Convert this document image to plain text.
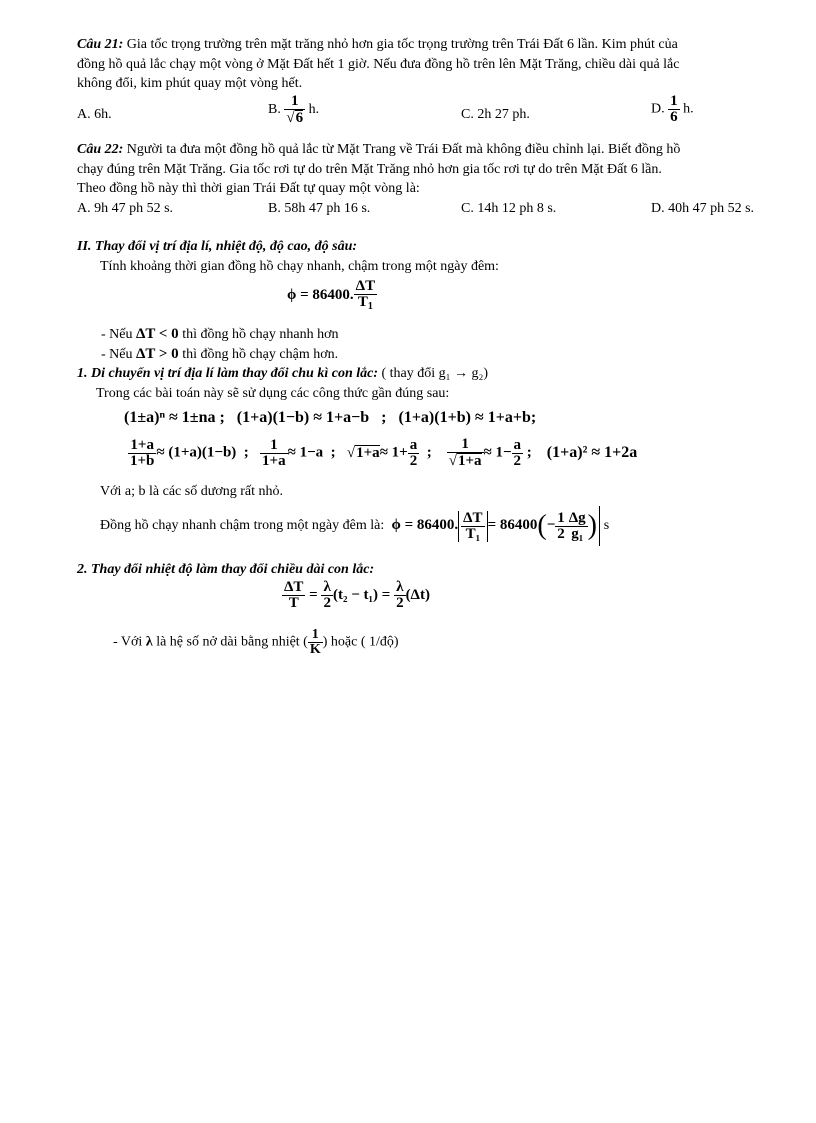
Câu 21: Gia tốc trọng trường trên mặt trăng nhỏ hơn gia tốc trọng trường trên Trái Đất 6 lần. Kim phút của
đồng hồ quả lắc chạy một vòng ở Mặt Đất hết 1 giờ. Nếu đưa đồng hồ trên lên Mặt Trăng, chiều dài quả lắc
không đổi, kim phút quay một vòng hết.
A. 6h.	B. $\frac{1}{√6} h$.	C. 2h 27 ph.	D. $\frac{1}{6} h$.
Câu 22: Người ta đưa một đồng hồ quả lắc từ Mặt Trang về Trái Đất mà không điều chỉnh lại. Biết đồng hồ
chạy đúng trên Mặt Trăng. Gia tốc rơi tự do trên Mặt Trăng nhỏ hơn gia tốc rơi tự do trên Mặt Đất 6 lần.
Theo đồng hồ này thì thời gian Trái Đất tự quay một vòng là:
A. 9h 47 ph 52 s.	B. 58h 47 ph 16 s.	C. 14h 12 ph 8 s.	D. 40h 47 ph 52 s.
II. Thay đổi vị trí địa lí, nhiệt độ, độ cao, độ sâu:
Tính khoảng thời gian đồng hồ chạy nhanh, chậm trong một ngày đêm:
ϕ = 86400. $\frac{\Delta T}{T_1}$
- Nếu ΔT < 0 thì đồng hồ chạy nhanh hơn
- Nếu ΔT > 0 thì đồng hồ chạy chậm hơn.
1. Di chuyển vị trí địa lí làm thay đổi chu kì con lắc: ( thay đổi g₁ → g₂)
Trong các bài toán này sẽ sử dụng các công thức gần đúng sau:
(1±a)ⁿ ≈ 1±na ;   (1+a)(1−b) ≈ 1+a−b   ;   (1+a)(1+b) ≈ 1+a+b;
$\frac{1+a}{1+b} \approx (1+a)(1-b)$  ; $\frac{1}{1+a} \approx 1-a$  ;   $√1+a\approx 1+ \frac{a}{2}$ ; $\frac{1}{√1+a} \approx 1- \frac{a}{2}$ ;    (1+a)² ≈ 1+2a
Với a; b là các số dương rất nhỏ.
Đồng hồ chạy nhanh chậm trong một ngày đêm là: ϕ = 86400. $\frac{\Delta T}{\text{T₁}} = 86400(- \frac{1}{2} \frac{\Delta g}{\text{g₁}}$ ) s
2. Thay đổi nhiệt độ làm thay đổi chiều dài con lắc:
$\frac{\Delta T}{T} = \frac{\lambda}{2} (t_2 - t_1) = \frac{\lambda}{2} (\Delta t)$
- Với λ là hệ số nở dài bằng nhiệt ( $\frac{1}{K}$ ) hoặc ( 1/độ)
